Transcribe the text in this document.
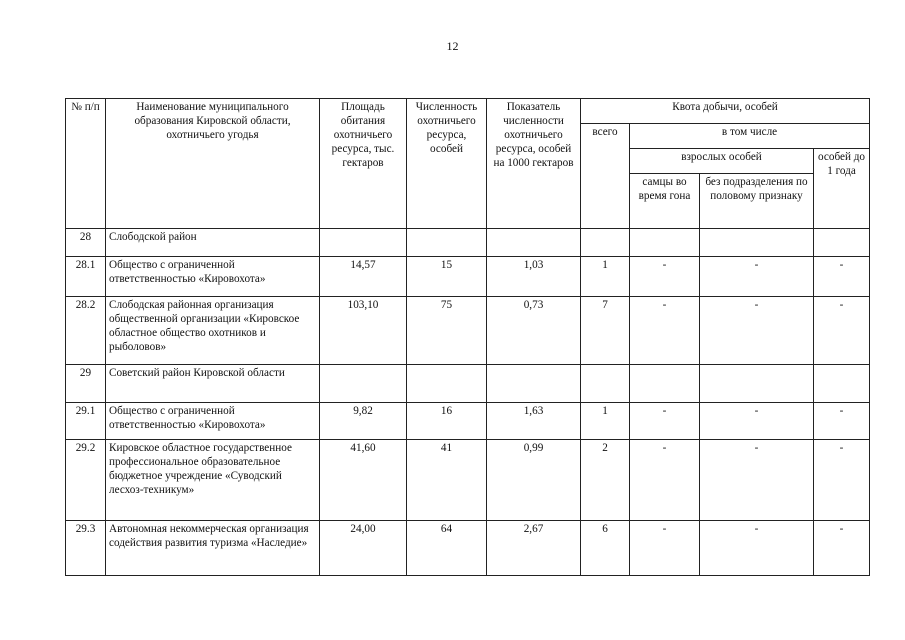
12
№ п/п	Наименование муниципального образования Кировской области, охотничьего угодья	Площадь обитания охотничьего ресурса, тыс. гектаров	Численность охотничьего ресурса, особей	Показатель численности охотничьего ресурса, особей на 1000 гектаров	Квота добычи, особей			
					всего	в том числе		
						взрослых особей		особей до 1 года
						самцы во время гона	без подразделения по половому признаку	
28	Слободской район							
28.1	Общество с ограниченной ответственностью «Кировохота»	14,57	15	1,03	1	-	-	-
28.2	Слободская районная организация общественной организации «Кировское областное общество охотников и рыболовов»	103,10	75	0,73	7	-	-	-
29	Советский район Кировской области							
29.1	Общество с ограниченной ответственностью «Кировохота»	9,82	16	1,63	1	-	-	-
29.2	Кировское областное государственное профессиональное образовательное бюджетное учреждение «Суводский лесхоз-техникум»	41,60	41	0,99	2	-	-	-
29.3	Автономная некоммерческая организация содействия развития туризма «Наследие»	24,00	64	2,67	6	-	-	-
